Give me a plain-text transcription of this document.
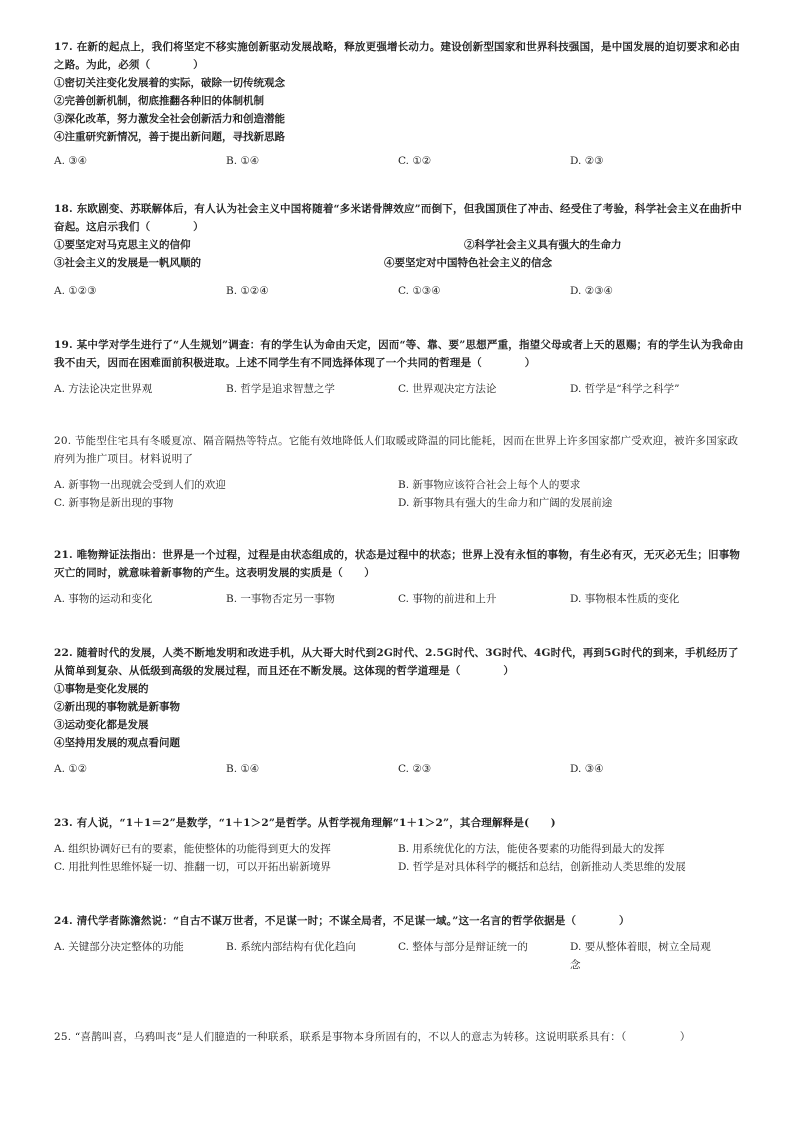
17. 在新的起点上，我们将坚定不移实施创新驱动发展战略，释放更强增长动力。建设创新型国家和世界科技强国，是中国发展的迫切要求和必由之路。为此，必须（　　　　）
①密切关注变化发展着的实际，破除一切传统观念
②完善创新机制，彻底推翻各种旧的体制机制
③深化改革，努力激发全社会创新活力和创造潜能
④注重研究新情况，善于提出新问题，寻找新思路
A. ③④	B. ①④	C. ①②	D. ②③
18. 东欧剧变、苏联解体后，有人认为社会主义中国将随着“多米诺骨牌效应”而倒下，但我国顶住了冲击、经受住了考验，科学社会主义在曲折中奋起。这启示我们（　　　　）
①要坚定对马克思主义的信仰	②科学社会主义具有强大的生命力
③社会主义的发展是一帆风顺的	④要坚定对中国特色社会主义的信念
A. ①②③	B. ①②④	C. ①③④	D. ②③④
19. 某中学对学生进行了“人生规划”调查：有的学生认为命由天定，因而“等、靠、要”思想严重，指望父母或者上天的恩赐；有的学生认为我命由我不由天，因而在困难面前积极进取。上述不同学生有不同选择体现了一个共同的哲理是（　　　　）
A. 方法论决定世界观	B. 哲学是追求智慧之学	C. 世界观决定方法论	D. 哲学是“科学之科学”
20. 节能型住宅具有冬暖夏凉、隔音隔热等特点。它能有效地降低人们取暖或降温的同比能耗，因而在世界上许多国家都广受欢迎，被许多国家政府列为推广项目。材料说明了
A. 新事物一出现就会受到人们的欢迎	B. 新事物应该符合社会上每个人的要求
C. 新事物是新出现的事物	D. 新事物具有强大的生命力和广阔的发展前途
21. 唯物辩证法指出：世界是一个过程，过程是由状态组成的，状态是过程中的状态；世界上没有永恒的事物，有生必有灭，无灭必无生；旧事物灭亡的同时，就意味着新事物的产生。这表明发展的实质是（　　）
A. 事物的运动和变化	B. 一事物否定另一事物	C. 事物的前进和上升	D. 事物根本性质的变化
22. 随着时代的发展，人类不断地发明和改进手机，从大哥大时代到2G时代、2.5G时代、3G时代、4G时代，再到5G时代的到来，手机经历了从简单到复杂、从低级到高级的发展过程，而且还在不断发展。这体现的哲学道理是（　　　　）
①事物是变化发展的
②新出现的事物就是新事物
③运动变化都是发展
④坚持用发展的观点看问题
A. ①②	B. ①④	C. ②③	D. ③④
23. 有人说，“1＋1＝2”是数学，“1＋1＞2”是哲学。从哲学视角理解“1＋1＞2”，其合理解释是(　　)
A. 组织协调好已有的要素，能使整体的功能得到更大的发挥	B. 用系统优化的方法，能使各要素的功能得到最大的发挥
C. 用批判性思维怀疑一切、推翻一切，可以开拓出崭新境界	D. 哲学是对具体科学的概括和总结，创新推动人类思维的发展
24. 清代学者陈澹然说：“自古不谋万世者，不足谋一时；不谋全局者，不足谋一域。”这一名言的哲学依据是（　　　　）
A. 关键部分决定整体的功能	B. 系统内部结构有优化趋向	C. 整体与部分是辩证统一的	D. 要从整体着眼，树立全局观念
25. “喜鹊叫喜，乌鸦叫丧”是人们臆造的一种联系，联系是事物本身所固有的，不以人的意志为转移。这说明联系具有：（　　　　　）
